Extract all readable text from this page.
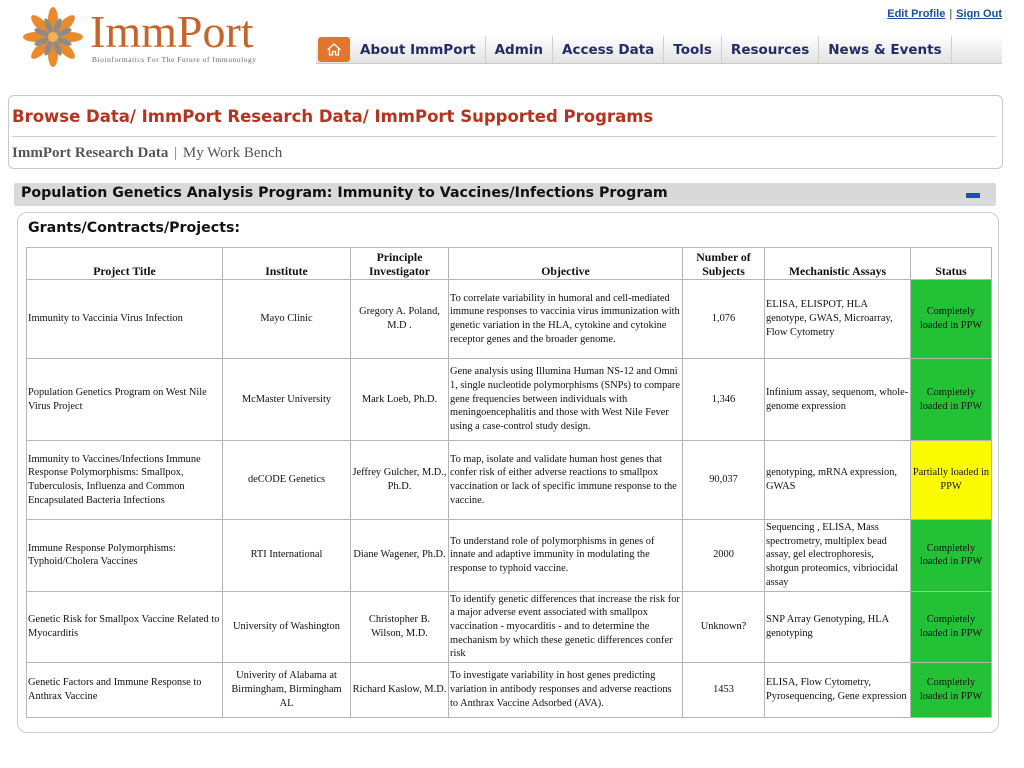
ImmPort
Bioinformatics For The Future of Immunology
Edit Profile | Sign Out
About ImmPort	Admin	Access Data	Tools	Resources	News & Events
Browse Data/ ImmPort Research Data/ ImmPort Supported Programs
ImmPort Research Data | My Work Bench
Population Genetics Analysis Program: Immunity to Vaccines/Infections Program
Grants/Contracts/Projects:
Project Title	Institute	Principle Investigator	Objective	Number of Subjects	Mechanistic Assays	Status
Immunity to Vaccinia Virus Infection	Mayo Clinic	Gregory A. Poland, M.D .	To correlate variability in humoral and cell-mediated immune responses to vaccinia virus immunization with genetic variation in the HLA, cytokine and cytokine receptor genes and the broader genome.	1,076	ELISA, ELISPOT, HLA genotype, GWAS, Microarray, Flow Cytometry	Completely loaded in PPW
Population Genetics Program on West Nile Virus Project	McMaster University	Mark Loeb, Ph.D.	Gene analysis using Illumina Human NS-12 and Omni 1, single nucleotide polymorphisms (SNPs) to compare gene frequencies between individuals with meningoencephalitis and those with West Nile Fever using a case-control study design.	1,346	Infinium assay, sequenom, whole-genome expression	Completely loaded in PPW
Immunity to Vaccines/Infections Immune Response Polymorphisms: Smallpox, Tuberculosis, Influenza and Common Encapsulated Bacteria Infections	deCODE Genetics	Jeffrey Gulcher, M.D., Ph.D.	To map, isolate and validate human host genes that confer risk of either adverse reactions to smallpox vaccination or lack of specific immune response to the vaccine.	90,037	genotyping, mRNA expression, GWAS	Partially loaded in PPW
Immune Response Polymorphisms: Typhoid/Cholera Vaccines	RTI International	Diane Wagener, Ph.D.	To understand role of polymorphisms in genes of innate and adaptive immunity in modulating the response to typhoid vaccine.	2000	Sequencing , ELISA, Mass spectrometry, multiplex bead assay, gel electrophoresis, shotgun proteomics, vibriocidal assay	Completely loaded in PPW
Genetic Risk for Smallpox Vaccine Related to Myocarditis	University of Washington	Christopher B. Wilson, M.D.	To identify genetic differences that increase the risk for a major adverse event associated with smallpox vaccination - myocarditis - and to determine the mechanism by which these genetic differences confer risk	Unknown?	SNP Array Genotyping, HLA genotyping	Completely loaded in PPW
Genetic Factors and Immune Response to Anthrax Vaccine	Univerity of Alabama at Birmingham, Birmingham AL	Richard Kaslow, M.D.	To investigate variability in host genes predicting variation in antibody responses and adverse reactions to Anthrax Vaccine Adsorbed (AVA).	1453	ELISA, Flow Cytometry, Pyrosequencing, Gene expression	Completely loaded in PPW
